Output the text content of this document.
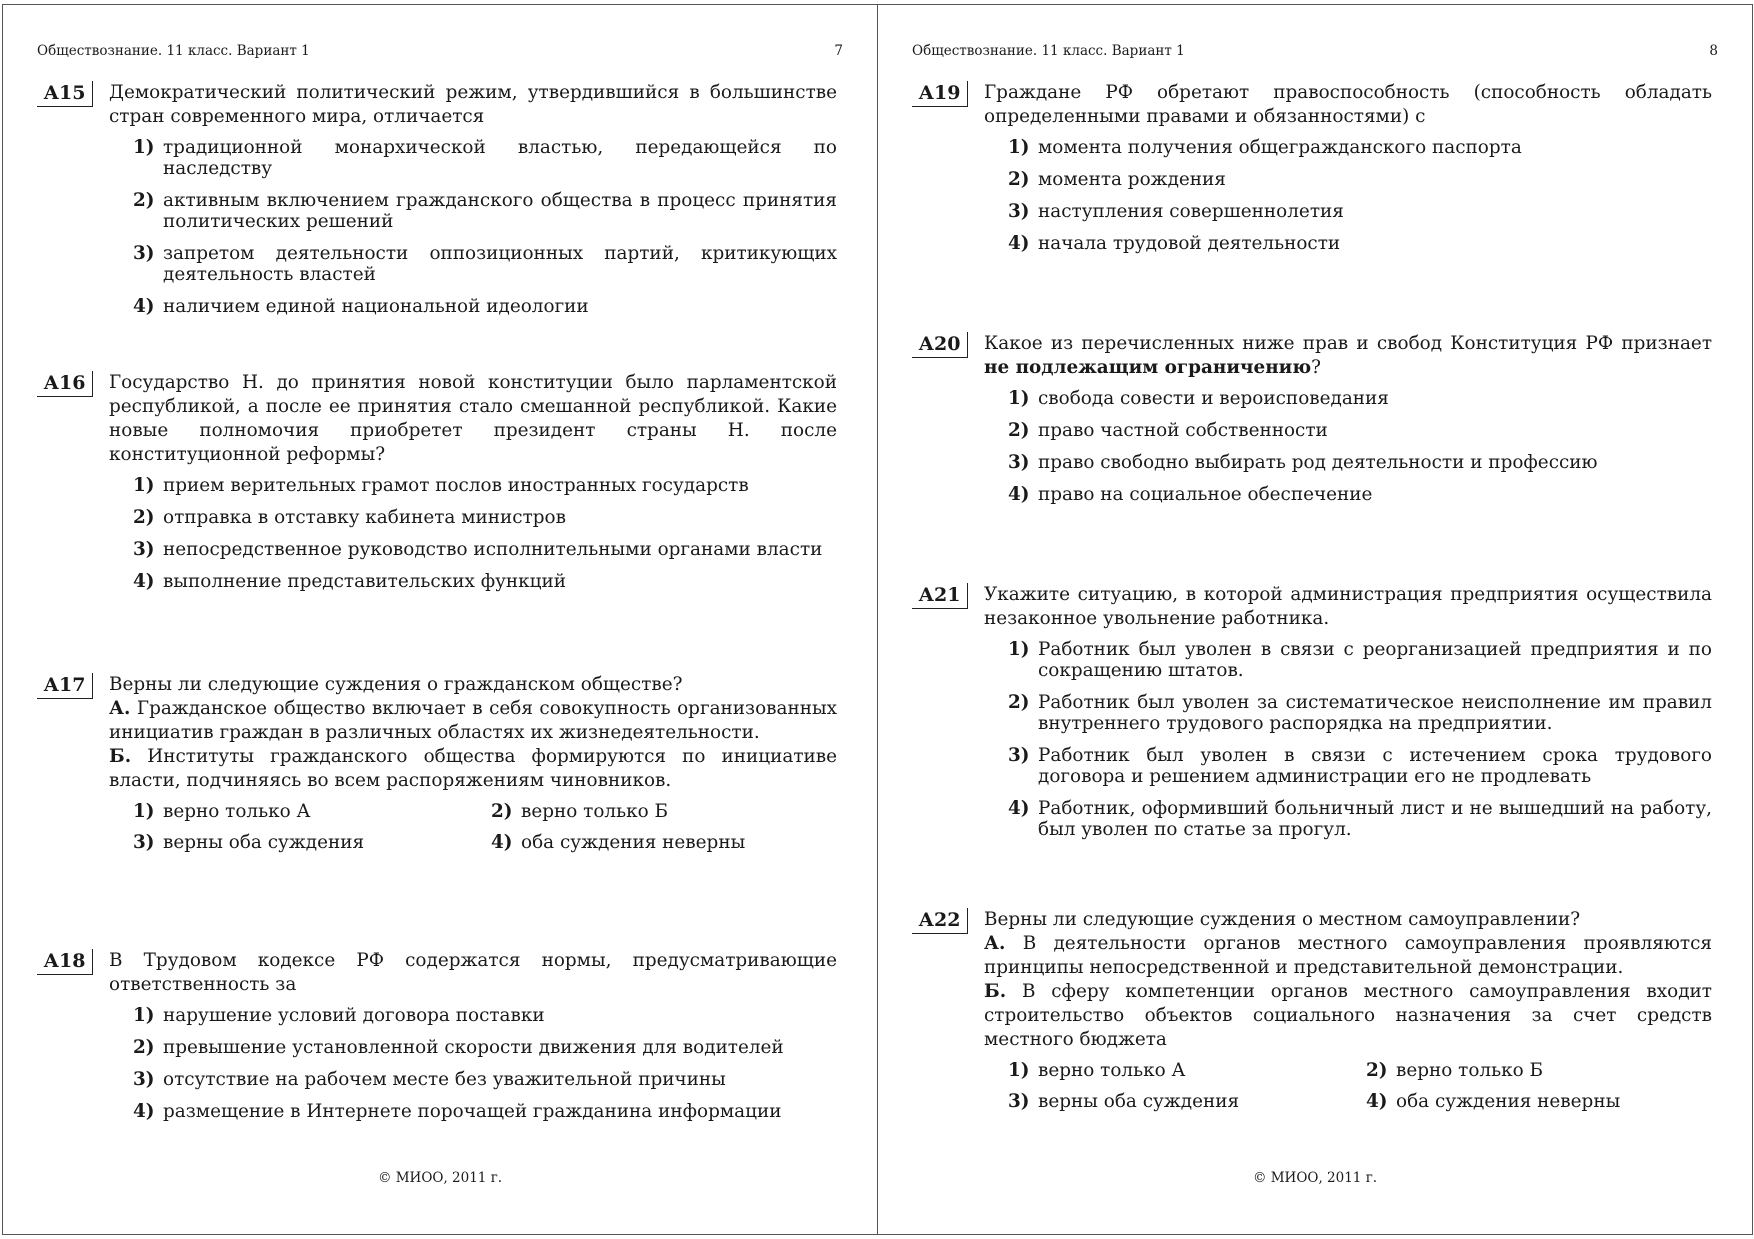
Обществознание. 11 класс. Вариант 1	7
А15	Демократический политический режим, утвердившийся в большинстве стран современного мира, отличается
1) традиционной монархической властью, передающейся по наследству
2) активным включением гражданского общества в процесс принятия политических решений
3) запретом деятельности оппозиционных партий, критикующих деятельность властей
4) наличием единой национальной идеологии
А16	Государство Н. до принятия новой конституции было парламентской республикой, а после ее принятия стало смешанной республикой. Какие новые полномочия приобретет президент страны Н. после конституционной реформы?
1) прием верительных грамот послов иностранных государств
2) отправка в отставку кабинета министров
3) непосредственное руководство исполнительными органами власти
4) выполнение представительских функций
А17	Верны ли следующие суждения о гражданском обществе?
А. Гражданское общество включает в себя совокупность организованных инициатив граждан в различных областях их жизнедеятельности.
Б. Институты гражданского общества формируются по инициативе власти, подчиняясь во всем распоряжениям чиновников.
1) верно только А	2) верно только Б
3) верны оба суждения	4) оба суждения неверны
А18	В Трудовом кодексе РФ содержатся нормы, предусматривающие ответственность за
1) нарушение условий договора поставки
2) превышение установленной скорости движения для водителей
3) отсутствие на рабочем месте без уважительной причины
4) размещение в Интернете порочащей гражданина информации
© МИОО, 2011 г.
Обществознание. 11 класс. Вариант 1	8
А19	Граждане РФ обретают правоспособность (способность обладать определенными правами и обязанностями) с
1) момента получения общегражданского паспорта
2) момента рождения
3) наступления совершеннолетия
4) начала трудовой деятельности
А20	Какое из перечисленных ниже прав и свобод Конституция РФ признает не подлежащим ограничению?
1) свобода совести и вероисповедания
2) право частной собственности
3) право свободно выбирать род деятельности и профессию
4) право на социальное обеспечение
А21	Укажите ситуацию, в которой администрация предприятия осуществила незаконное увольнение работника.
1) Работник был уволен в связи с реорганизацией предприятия и по сокращению штатов.
2) Работник был уволен за систематическое неисполнение им правил внутреннего трудового распорядка на предприятии.
3) Работник был уволен в связи с истечением срока трудового договора и решением администрации его не продлевать
4) Работник, оформивший больничный лист и не вышедший на работу, был уволен по статье за прогул.
А22	Верны ли следующие суждения о местном самоуправлении?
А. В деятельности органов местного самоуправления проявляются принципы непосредственной и представительной демонстрации.
Б. В сферу компетенции органов местного самоуправления входит строительство объектов социального назначения за счет средств местного бюджета
1) верно только А	2) верно только Б
3) верны оба суждения	4) оба суждения неверны
© МИОО, 2011 г.
